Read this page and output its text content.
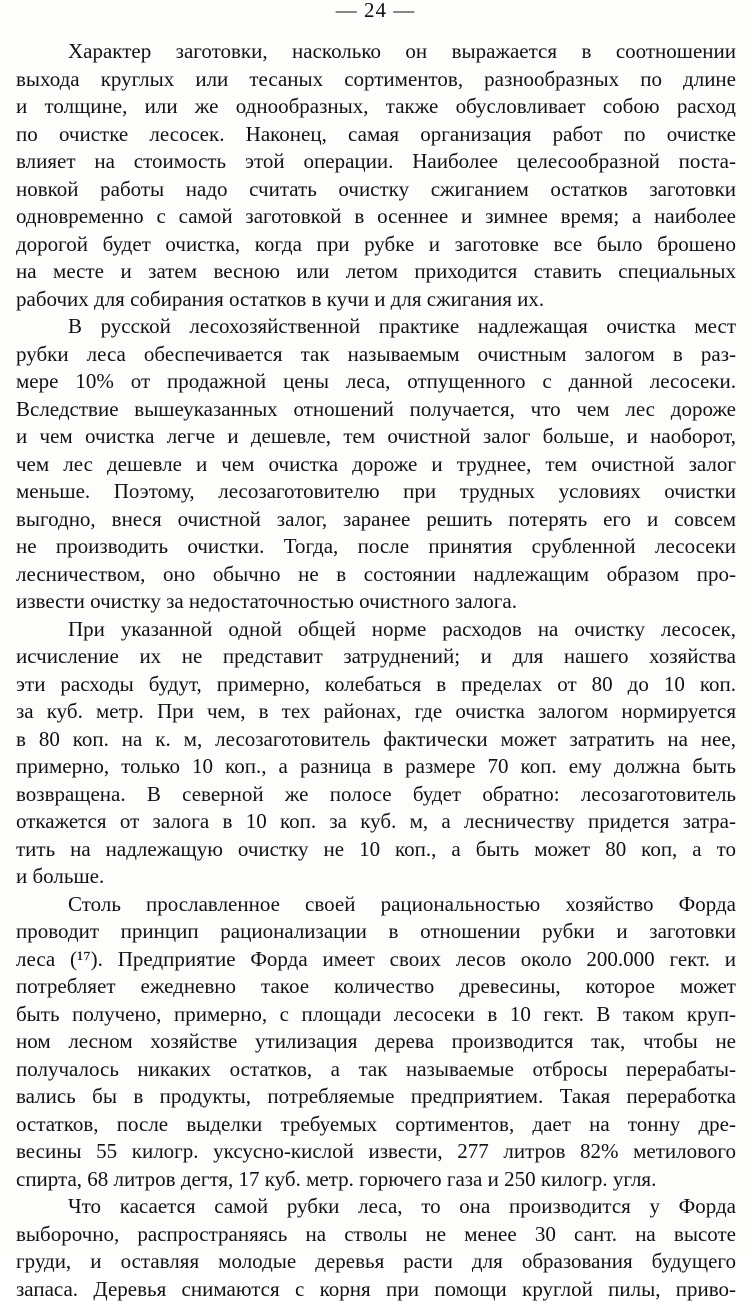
— 24 —
Характер заготовки, насколько он выражается в соотношении
выхода круглых или тесаных сортиментов, разнообразных по длине
и толщине, или же однообразных, также обусловливает собою расход
по очистке лесосек. Наконец, самая организация работ по очистке
влияет на стоимость этой операции. Наиболее целесообразной поста-
новкой работы надо считать очистку сжиганием остатков заготовки
одновременно с самой заготовкой в осеннее и зимнее время; а наиболее
дорогой будет очистка, когда при рубке и заготовке все было брошено
на месте и затем весною или летом приходится ставить специальных
рабочих для собирания остатков в кучи и для сжигания их.
В русской лесохозяйственной практике надлежащая очистка мест
рубки леса обеспечивается так называемым очистным залогом в раз-
мере 10% от продажной цены леса, отпущенного с данной лесосеки.
Вследствие вышеуказанных отношений получается, что чем лес дороже
и чем очистка легче и дешевле, тем очистной залог больше, и наоборот,
чем лес дешевле и чем очистка дороже и труднее, тем очистной залог
меньше. Поэтому, лесозаготовителю при трудных условиях очистки
выгодно, внеся очистной залог, заранее решить потерять его и совсем
не производить очистки. Тогда, после принятия срубленной лесосеки
лесничеством, оно обычно не в состоянии надлежащим образом про-
извести очистку за недостаточностью очистного залога.
При указанной одной общей норме расходов на очистку лесосек,
исчисление их не представит затруднений; и для нашего хозяйства
эти расходы будут, примерно, колебаться в пределах от 80 до 10 коп.
за куб. метр. При чем, в тех районах, где очистка залогом нормируется
в 80 коп. на к. м, лесозаготовитель фактически может затратить на нее,
примерно, только 10 коп., а разница в размере 70 коп. ему должна быть
возвращена. В северной же полосе будет обратно: лесозаготовитель
откажется от залога в 10 коп. за куб. м, а лесничеству придется затра-
тить на надлежащую очистку не 10 коп., а быть может 80 коп, а то
и больше.
Столь прославленное своей рациональностью хозяйство Форда
проводит принцип рационализации в отношении рубки и заготовки
леса (¹⁷). Предприятие Форда имеет своих лесов около 200.000 гект. и
потребляет ежедневно такое количество древесины, которое может
быть получено, примерно, с площади лесосеки в 10 гект. В таком круп-
ном лесном хозяйстве утилизация дерева производится так, чтобы не
получалось никаких остатков, а так называемые отбросы перерабаты-
вались бы в продукты, потребляемые предприятием. Такая переработка
остатков, после выделки требуемых сортиментов, дает на тонну дре-
весины 55 килогр. уксусно-кислой извести, 277 литров 82% метилового
спирта, 68 литров дегтя, 17 куб. метр. горючего газа и 250 килогр. угля.
Что касается самой рубки леса, то она производится у Форда
выборочно, распространяясь на стволы не менее 30 сант. на высоте
груди, и оставляя молодые деревья расти для образования будущего
запаса. Деревья снимаются с корня при помощи круглой пилы, приво-
